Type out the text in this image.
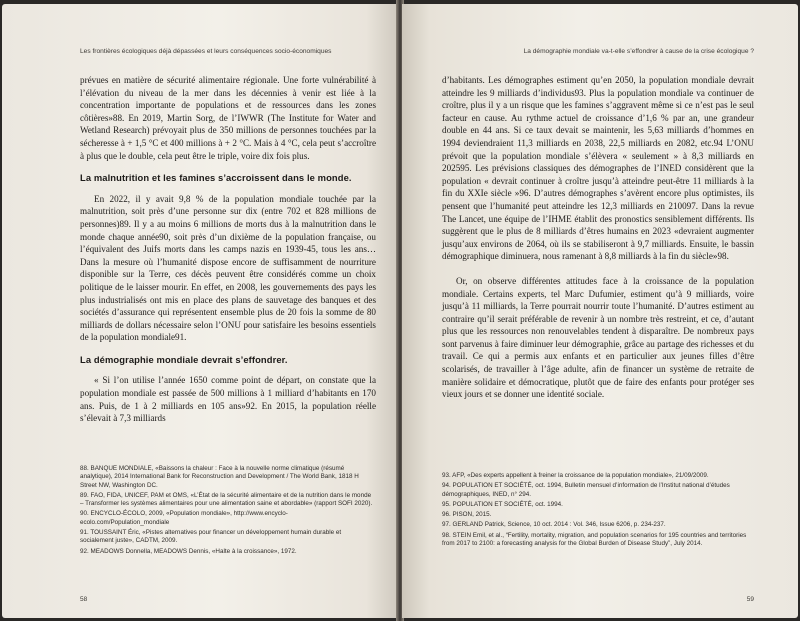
Les frontières écologiques déjà dépassées et leurs conséquences socio-économiques

prévues en matière de sécurité alimentaire régionale. Une forte vulnérabilité à l’élévation du niveau de la mer dans les décennies à venir est liée à la concentration importante de populations et de ressources dans les zones côtières»88. En 2019, Martin Sorg, de l’IWWR (The Institute for Water and Wetland Research) prévoyait plus de 350 millions de personnes touchées par la sécheresse à + 1,5 °C et 400 millions à + 2 °C. Mais à 4 °C, cela peut s’accroître à plus que le double, cela peut être le triple, voire dix fois plus.

La malnutrition et les famines s’accroissent dans le monde.

En 2022, il y avait 9,8 % de la population mondiale touchée par la malnutrition, soit près d’une personne sur dix (entre 702 et 828 millions de personnes)89. Il y a au moins 6 millions de morts dus à la malnutrition dans le monde chaque année90, soit près d’un dixième de la population française, ou l’équivalent des Juifs morts dans les camps nazis en 1939-45, tous les ans… Dans la mesure où l’humanité dispose encore de suffisamment de nourriture disponible sur la Terre, ces décès peuvent être considérés comme un choix politique de le laisser mourir. En effet, en 2008, les gouvernements des pays les plus industrialisés ont mis en place des plans de sauvetage des banques et des sociétés d’assurance qui représentent ensemble plus de 20 fois la somme de 80 milliards de dollars nécessaire selon l’ONU pour satisfaire les besoins essentiels de la population mondiale91.

La démographie mondiale devrait s’effondrer.

« Si l’on utilise l’année 1650 comme point de départ, on constate que la population mondiale est passée de 500 millions à 1 milliard d’habitants en 170 ans. Puis, de 1 à 2 milliards en 105 ans»92. En 2015, la population réelle s’élevait à 7,3 milliards

88. BANQUE MONDIALE, «Baissons la chaleur : Face à la nouvelle norme climatique (résumé analytique), 2014 International Bank for Reconstruction and Development / The World Bank, 1818 H Street NW, Washington DC.
89. FAO, FIDA, UNICEF, PAM et OMS, «L’État de la sécurité alimentaire et de la nutrition dans le monde – Transformer les systèmes alimentaires pour une alimentation saine et abordable» (rapport SOFI 2020).
90. ENCYCLO-ÉCOLO, 2009, «Population mondiale», http://www.encyclo-ecolo.com/Population_mondiale
91. TOUSSAINT Éric, «Pistes alternatives pour financer un développement humain durable et socialement juste», CADTM, 2009.
92. MEADOWS Donnella, MEADOWS Dennis, «Halte à la croissance», 1972.
58
La démographie mondiale va-t-elle s’effondrer à cause de la crise écologique ?

d’habitants. Les démographes estiment qu’en 2050, la population mondiale devrait atteindre les 9 milliards d’individus93. Plus la population mondiale va continuer de croître, plus il y a un risque que les famines s’aggravent même si ce n’est pas le seul facteur en cause. Au rythme actuel de croissance d’1,6 % par an, une grandeur double en 44 ans. Si ce taux devait se maintenir, les 5,63 milliards d’hommes en 1994 deviendraient 11,3 milliards en 2038, 22,5 milliards en 2082, etc.94 L’ONU prévoit que la population mondiale s’élèvera « seulement » à 8,3 milliards en 202595. Les prévisions classiques des démographes de l’INED considèrent que la population « devrait continuer à croître jusqu’à atteindre peut-être 11 milliards à la fin du XXIe siècle »96. D’autres démographes s’avèrent encore plus optimistes, ils pensent que l’humanité peut atteindre les 12,3 milliards en 210097. Dans la revue The Lancet, une équipe de l’IHME établit des pronostics sensiblement différents. Ils suggèrent que le plus de 8 milliards d’êtres humains en 2023 «devraient augmenter jusqu’aux environs de 2064, où ils se stabiliseront à 9,7 milliards. Ensuite, le bassin démographique diminuera, nous ramenant à 8,8 milliards à la fin du siècle»98.

Or, on observe différentes attitudes face à la croissance de la population mondiale. Certains experts, tel Marc Dufumier, estiment qu’à 9 milliards, voire jusqu’à 11 milliards, la Terre pourrait nourrir toute l’humanité. D’autres estiment au contraire qu’il serait préférable de revenir à un nombre très restreint, et ce, d’autant plus que les ressources non renouvelables tendent à disparaître. De nombreux pays sont parvenus à faire diminuer leur démographie, grâce au partage des richesses et du travail. Ce qui a permis aux enfants et en particulier aux jeunes filles d’être scolarisés, de travailler à l’âge adulte, afin de financer un système de retraite de manière solidaire et démocratique, plutôt que de faire des enfants pour protéger ses vieux jours et se donner une identité sociale.

93. AFP, «Des experts appellent à freiner la croissance de la population mondiale», 21/09/2009.
94. POPULATION ET SOCIÉTÉ, oct. 1994, Bulletin mensuel d’information de l’Institut national d’études démographiques, INED, n° 294.
95. POPULATION ET SOCIÉTÉ, oct. 1994.
96. PISON, 2015.
97. GERLAND Patrick, Science, 10 oct. 2014 : Vol. 346, Issue 6206, p. 234-237.
98. STEIN Emil, et al., “Fertility, mortality, migration, and population scenarios for 195 countries and territories from 2017 to 2100: a forecasting analysis for the Global Burden of Disease Study”, July 2014.
59
